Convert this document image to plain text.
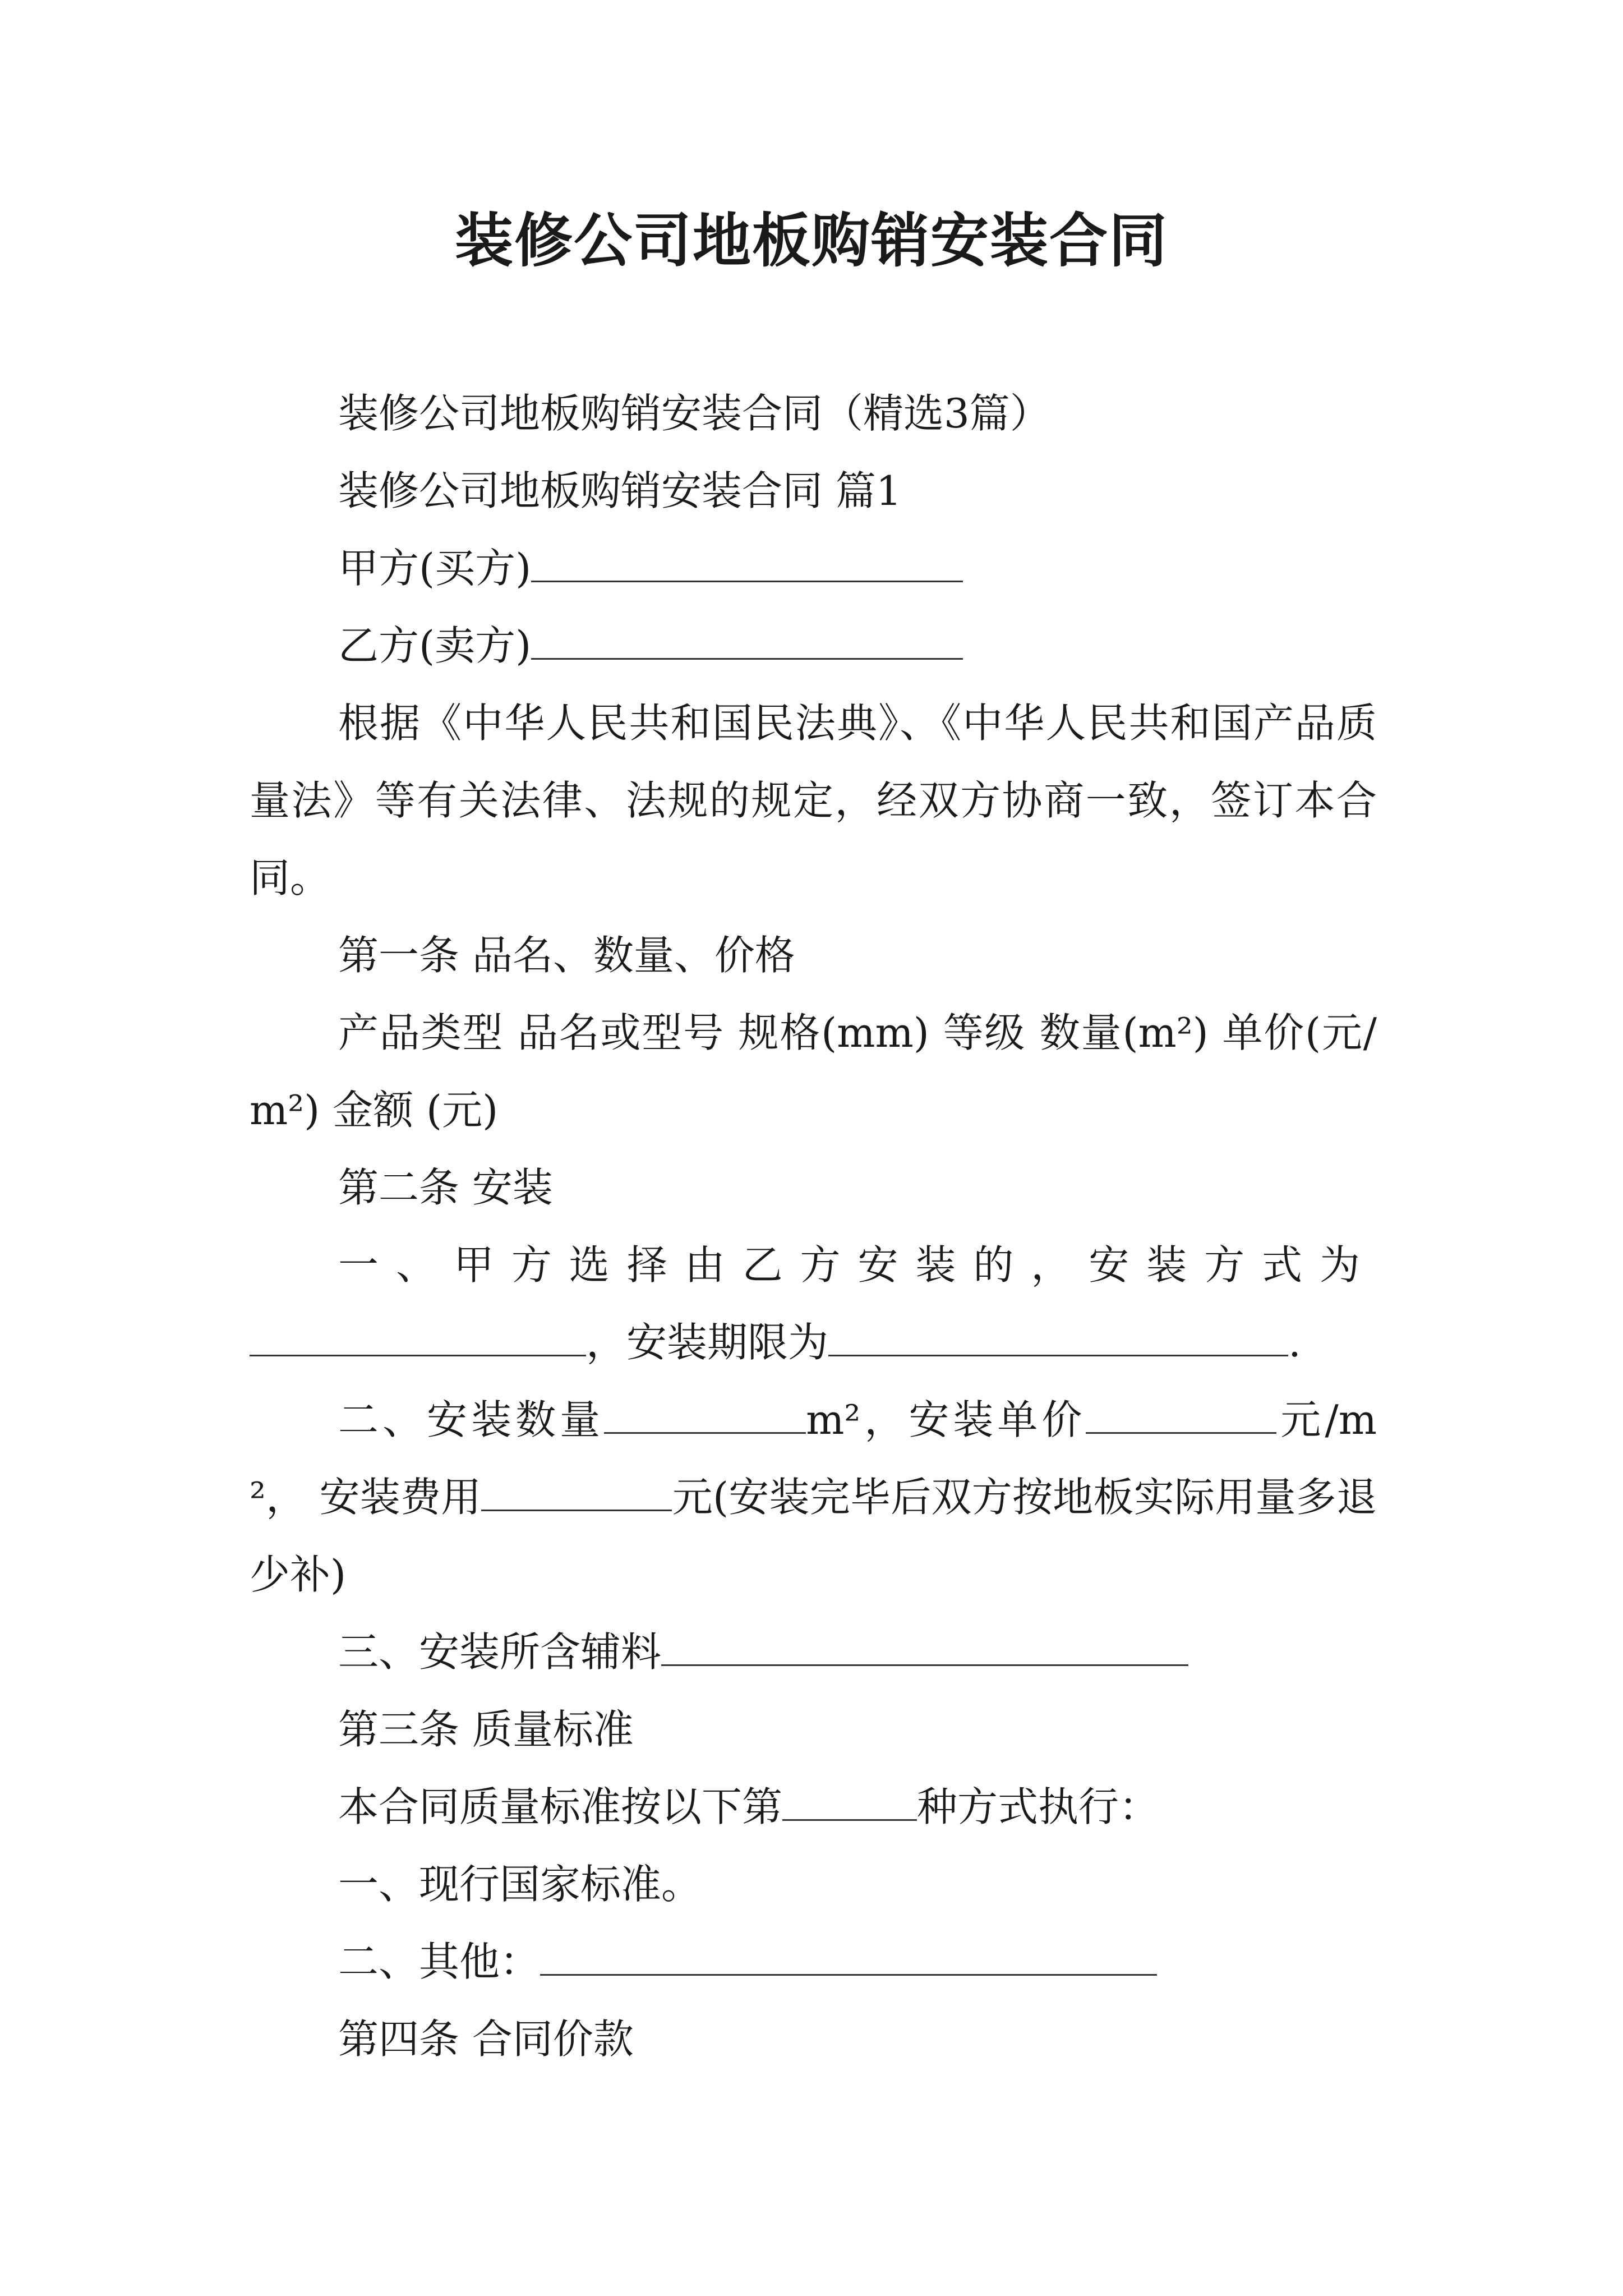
装修公司地板购销安装合同

装修公司地板购销安装合同（精选3篇）

装修公司地板购销安装合同 篇1

甲方(买方)

乙方(卖方)

根据《中华人民共和国民法典》、《中华人民共和国产品质量法》等有关法律、法规的规定，经双方协商一致，签订本合同。

第一条 品名、数量、价格

产品类型 品名或型号 规格(mm) 等级 数量(m²) 单价(元/m²) 金额 (元)

第二条 安装

一、甲方选择由乙方安装的，安装方式为，安装期限为	.

二、安装数量	m²，安装单价	元/m²， 安装费用	元(安装完毕后双方按地板实际用量多退少补)

三、安装所含辅料

第三条 质量标准

本合同质量标准按以下第	种方式执行：

一、现行国家标准。

二、其他：

第四条 合同价款
